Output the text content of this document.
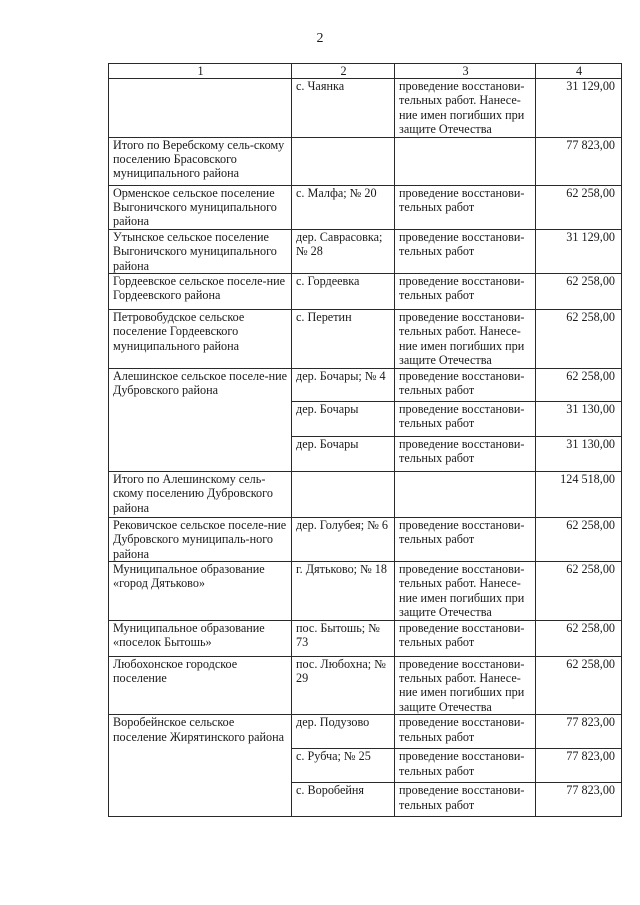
2
1	2	3	4
	с. Чаянка	проведение восстанови-тельных работ. Нанесе-ние имен погибших при защите Отечества	31 129,00
Итого по Веребскому сель-скому поселению Брасовского муниципального района			77 823,00
Орменское сельское поселение Выгоничского муниципального района	с. Малфа; № 20	проведение восстанови-тельных работ	62 258,00
Утынское сельское поселение Выгоничского муниципального района	дер. Саврасовка; № 28	проведение восстанови-тельных работ	31 129,00
Гордеевское сельское поселе-ние Гордеевского района	с. Гордеевка	проведение восстанови-тельных работ	62 258,00
Петровобудское сельское поселение Гордеевского муниципального района	с. Перетин	проведение восстанови-тельных работ. Нанесе-ние имен погибших при защите Отечества	62 258,00
Алешинское сельское поселе-ние Дубровского района	дер. Бочары; № 4	проведение восстанови-тельных работ	62 258,00
	дер. Бочары	проведение восстанови-тельных работ	31 130,00
	дер. Бочары	проведение восстанови-тельных работ	31 130,00
Итого по Алешинскому сель-скому поселению Дубровского района			124 518,00
Рековичское сельское поселе-ние Дубровского муниципаль-ного района	дер. Голубея; № 6	проведение восстанови-тельных работ	62 258,00
Муниципальное образование «город Дятьково»	г. Дятьково; № 18	проведение восстанови-тельных работ. Нанесе-ние имен погибших при защите Отечества	62 258,00
Муниципальное образование «поселок Бытошь»	пос. Бытошь; № 73	проведение восстанови-тельных работ	62 258,00
Любохонское городское поселение	пос. Любохна; № 29	проведение восстанови-тельных работ. Нанесе-ние имен погибших при защите Отечества	62 258,00
Воробейнское сельское поселение Жирятинского района	дер. Подузово	проведение восстанови-тельных работ	77 823,00
	с. Рубча; № 25	проведение восстанови-тельных работ	77 823,00
	с. Воробейня	проведение восстанови-тельных работ	77 823,00
